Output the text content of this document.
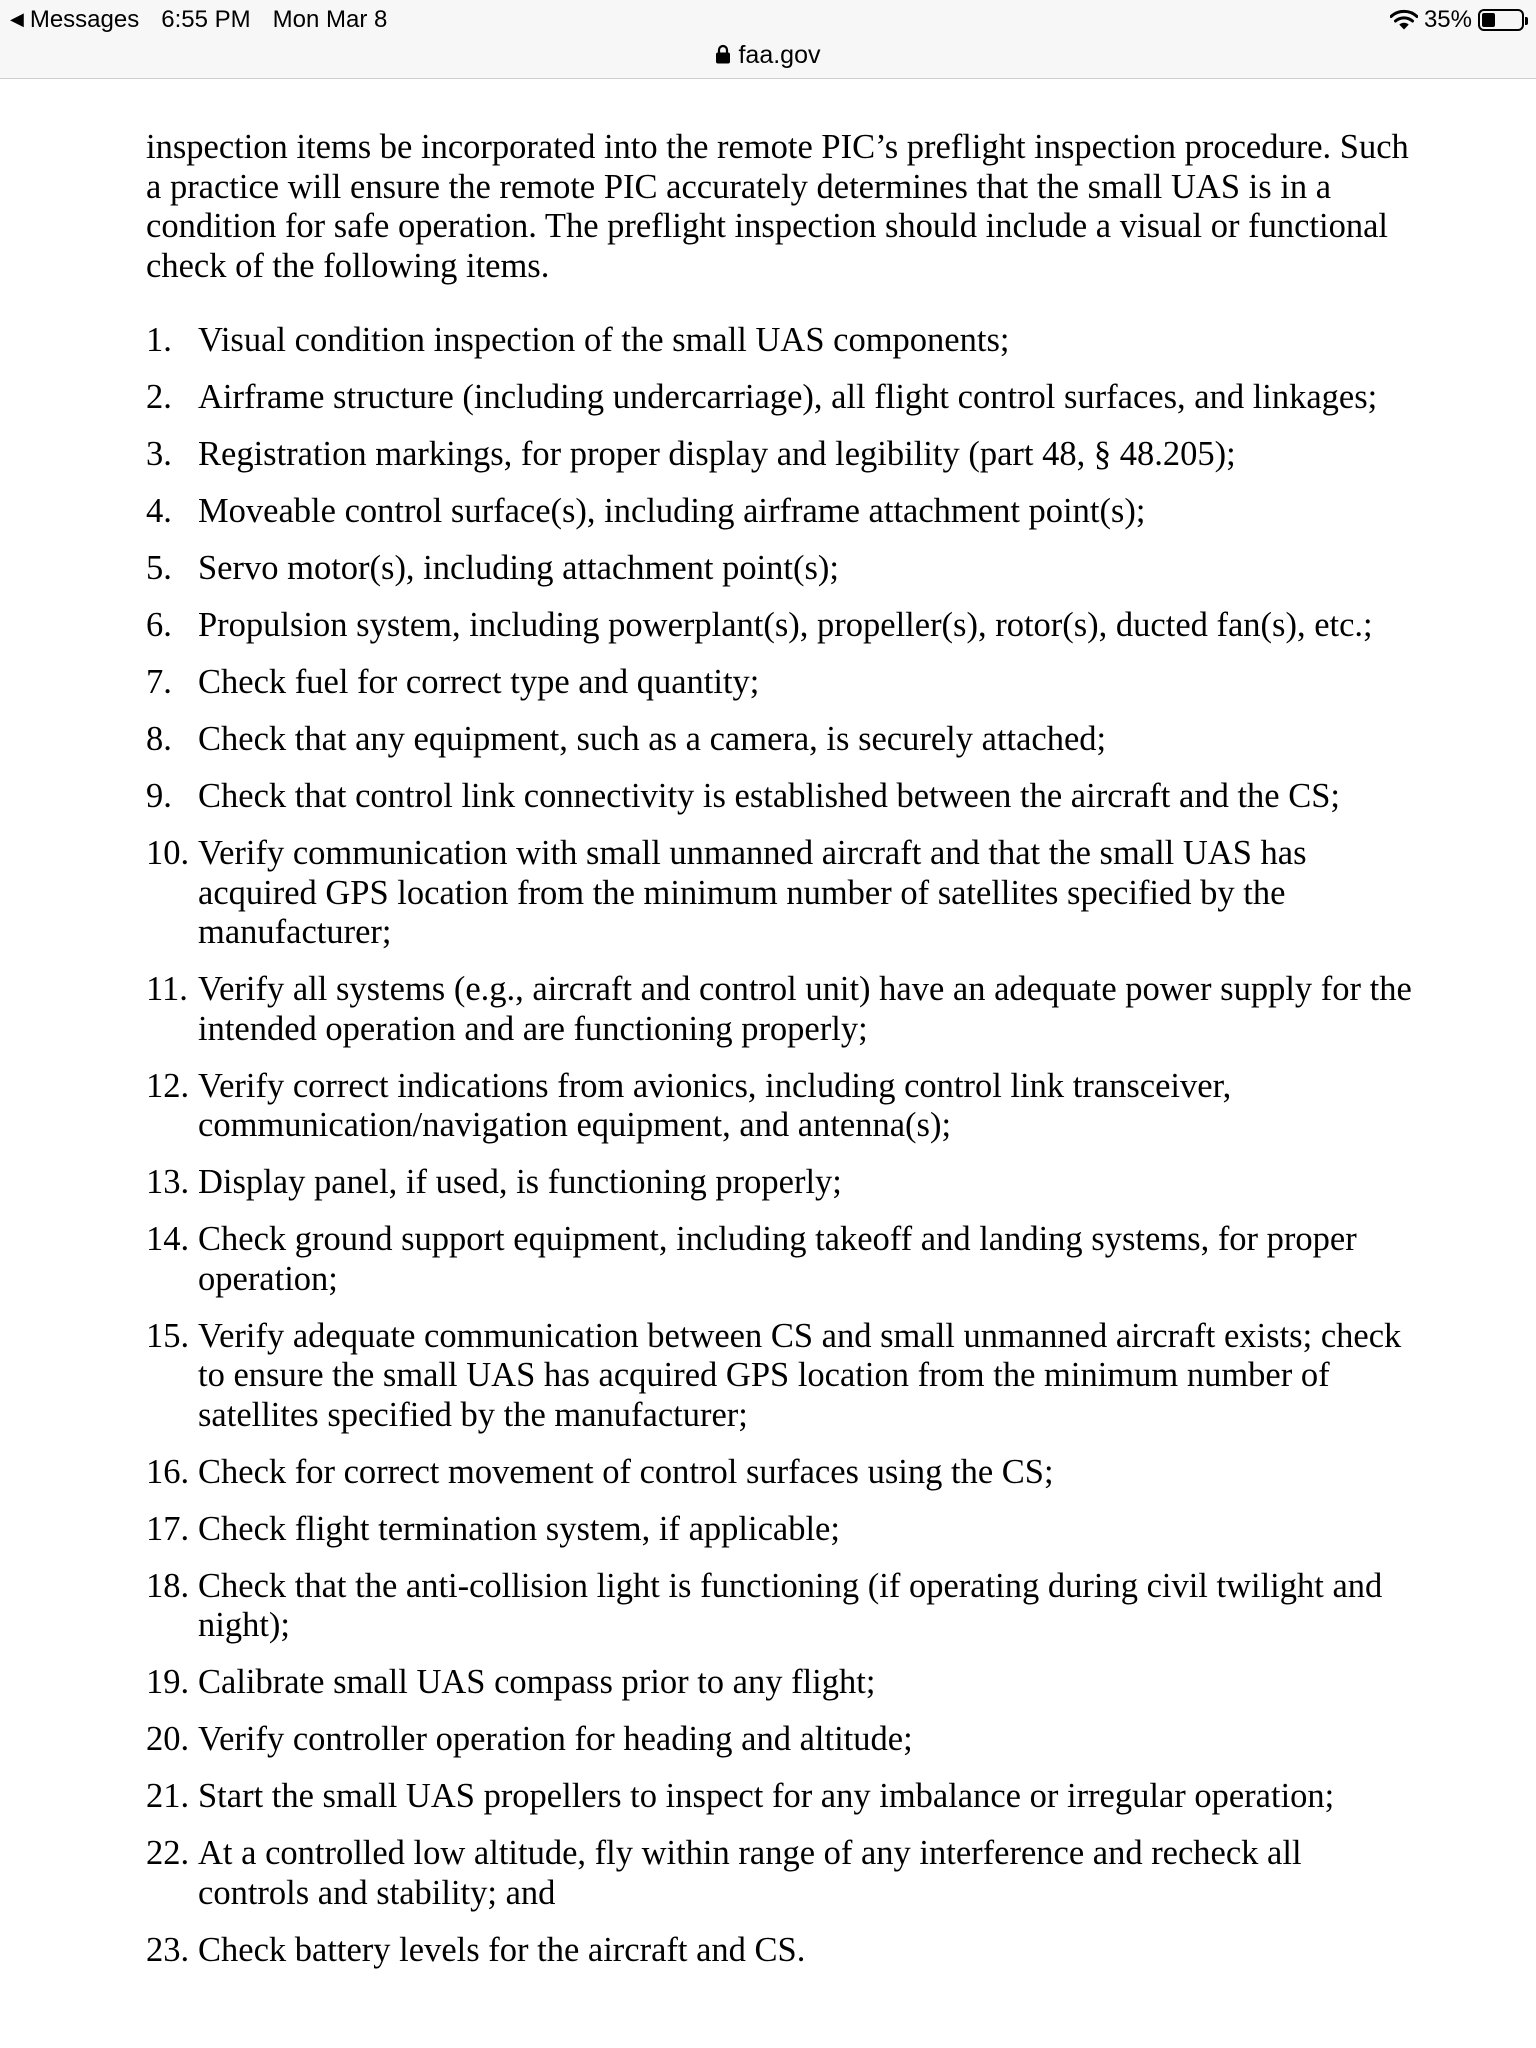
◀ Messages 6:55 PM Mon Mar 8	35%
faa.gov

inspection items be incorporated into the remote PIC’s preflight inspection procedure. Such a practice will ensure the remote PIC accurately determines that the small UAS is in a condition for safe operation. The preflight inspection should include a visual or functional check of the following items.

1. Visual condition inspection of the small UAS components;
2. Airframe structure (including undercarriage), all flight control surfaces, and linkages;
3. Registration markings, for proper display and legibility (part 48, § 48.205);
4. Moveable control surface(s), including airframe attachment point(s);
5. Servo motor(s), including attachment point(s);
6. Propulsion system, including powerplant(s), propeller(s), rotor(s), ducted fan(s), etc.;
7. Check fuel for correct type and quantity;
8. Check that any equipment, such as a camera, is securely attached;
9. Check that control link connectivity is established between the aircraft and the CS;
10. Verify communication with small unmanned aircraft and that the small UAS has acquired GPS location from the minimum number of satellites specified by the manufacturer;
11. Verify all systems (e.g., aircraft and control unit) have an adequate power supply for the intended operation and are functioning properly;
12. Verify correct indications from avionics, including control link transceiver, communication/navigation equipment, and antenna(s);
13. Display panel, if used, is functioning properly;
14. Check ground support equipment, including takeoff and landing systems, for proper operation;
15. Verify adequate communication between CS and small unmanned aircraft exists; check to ensure the small UAS has acquired GPS location from the minimum number of satellites specified by the manufacturer;
16. Check for correct movement of control surfaces using the CS;
17. Check flight termination system, if applicable;
18. Check that the anti-collision light is functioning (if operating during civil twilight and night);
19. Calibrate small UAS compass prior to any flight;
20. Verify controller operation for heading and altitude;
21. Start the small UAS propellers to inspect for any imbalance or irregular operation;
22. At a controlled low altitude, fly within range of any interference and recheck all controls and stability; and
23. Check battery levels for the aircraft and CS.
